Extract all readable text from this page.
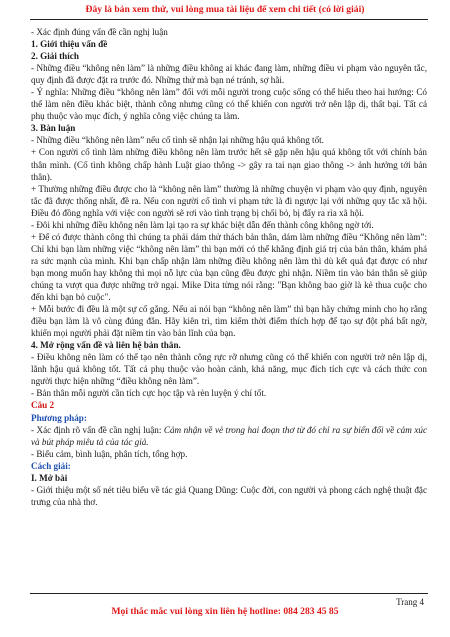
Đây là bản xem thử, vui lòng mua tài liệu để xem chi tiết (có lời giải)

- Xác định đúng vấn đề cần nghị luận

1. Giới thiệu vấn đề

2. Giải thích

- Những điều “không nên làm” là những điều không ai khác đang làm, những điều vi phạm vào nguyên tắc, quy định đã được đặt ra trước đó. Những thứ mà bạn né tránh, sợ hãi.

- Ý nghĩa: Những điều “không nên làm” đối với mỗi người trong cuộc sống có thể hiểu theo hai hướng: Có thể làm nên điều khác biệt, thành công nhưng cũng có thể khiến con người trở nên lập dị, thất bại. Tất cả phụ thuộc vào mục đích, ý nghĩa công việc chúng ta làm.

3. Bàn luận

- Những điều “không nên làm” nếu cố tình sẽ nhận lại những hậu quả không tốt.

+ Con người cố tình làm những điều không nên làm trước hết sẽ gặp nên hậu quả không tốt với chính bản thân mình. (Cố tình không chấp hành Luật giao thông -> gây ra tai nạn giao thông -> ảnh hưởng tới bản thân).

+ Thường những điều được cho là “không nên làm” thường là những chuyện vi phạm vào quy định, nguyên tắc đã được thống nhất, đề ra. Nếu con người cố tình vi phạm tức là đi ngược lại với những quy tắc xã hội. Điều đó đồng nghĩa với việc con người sẽ rơi vào tình trạng bị chối bỏ, bị đẩy ra rìa xã hội.

- Đôi khi những điều không nên làm lại tạo ra sự khác biệt dẫn đến thành công không ngờ tới.

+ Để có được thành công thì chúng ta phải dám thử thách bản thân, dám làm những điều “Không nên làm”: Chỉ khi bạn làm những việc “không nên làm” thì bạn mới có thể khẳng định giá trị của bản thân, khám phá ra sức mạnh của mình. Khi bạn chấp nhận làm những điều không nên làm thì dù kết quả đạt được có như bạn mong muốn hay không thì mọi nỗ lực của bạn cũng đều được ghi nhận. Niềm tin vào bản thân sẽ giúp chúng ta vượt qua được những trở ngại. Mike Dita từng nói rằng: "Bạn không bao giờ là kẻ thua cuộc cho đến khi bạn bỏ cuộc".

+ Mỗi bước đi đều là một sự cố gắng. Nếu ai nói bạn “không nên làm” thì bạn hãy chứng minh cho họ rằng điều bạn làm là vô cùng đúng đắn. Hãy kiên trì, tìm kiếm thời điểm thích hợp để tạo sự đột phá bất ngờ, khiến mọi người phải đặt niềm tin vào bản lĩnh của bạn.

4. Mở rộng vấn đề và liên hệ bản thân.

- Điều không nên làm có thể tạo nên thành công rực rỡ nhưng cũng có thể khiến con người trở nên lập dị, lãnh hậu quả không tốt. Tất cả phụ thuộc vào hoàn cảnh, khả năng, mục đích tích cực và cách thức con người thực hiện những “điều không nên làm”.

- Bản thân mỗi người cần tích cực học tập và rèn luyện ý chí tốt.

Câu 2

Phương pháp:

- Xác định rõ vấn đề cần nghị luận: Cảm nhận về vẻ trong hai đoạn thơ từ đó chỉ ra sự biến đổi về cảm xúc và bút pháp miêu tả của tác giả.

- Biểu cảm, bình luận, phân tích, tổng hợp.

Cách giải:

I. Mở bài

- Giới thiệu một số nét tiêu biểu về tác giả Quang Dũng: Cuộc đời, con người và phong cách nghệ thuật đặc trưng của nhà thơ.

Trang 4
Mọi thắc mắc vui lòng xin liên hệ hotline: 084 283 45 85
